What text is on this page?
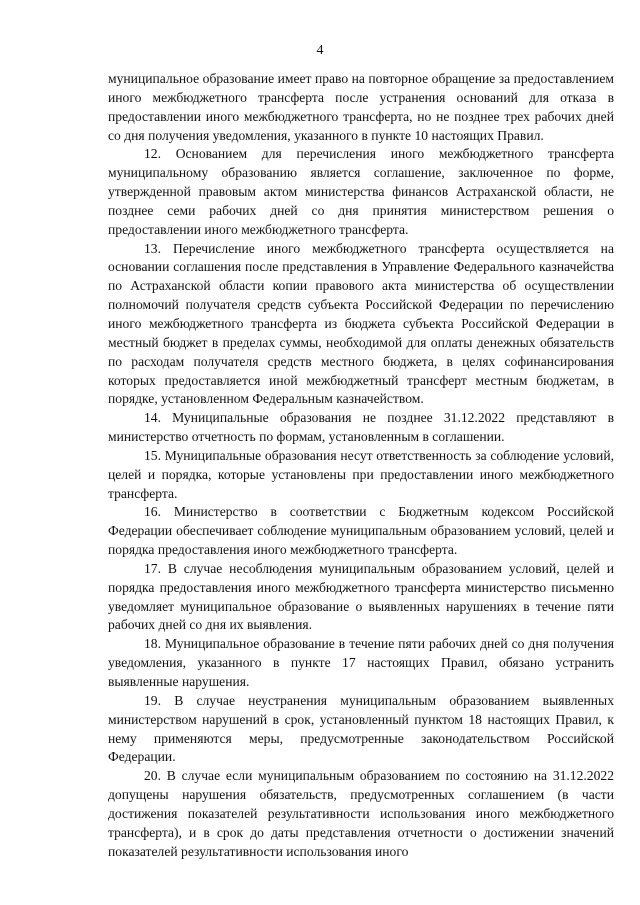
4

муниципальное образование имеет право на повторное обращение за предоставлением иного межбюджетного трансферта после устранения оснований для отказа в предоставлении иного межбюджетного трансферта, но не позднее трех рабочих дней со дня получения уведомления, указанного в пункте 10 настоящих Правил.

12. Основанием для перечисления иного межбюджетного трансферта муниципальному образованию является соглашение, заключенное по форме, утвержденной правовым актом министерства финансов Астраханской области, не позднее семи рабочих дней со дня принятия министерством решения о предоставлении иного межбюджетного трансферта.

13. Перечисление иного межбюджетного трансферта осуществляется на основании соглашения после представления в Управление Федерального казначейства по Астраханской области копии правового акта министерства об осуществлении полномочий получателя средств субъекта Российской Федерации по перечислению иного межбюджетного трансферта из бюджета субъекта Российской Федерации в местный бюджет в пределах суммы, необходимой для оплаты денежных обязательств по расходам получателя средств местного бюджета, в целях софинансирования которых предоставляется иной межбюджетный трансферт местным бюджетам, в порядке, установленном Федеральным казначейством.

14. Муниципальные образования не позднее 31.12.2022 представляют в министерство отчетность по формам, установленным в соглашении.

15. Муниципальные образования несут ответственность за соблюдение условий, целей и порядка, которые установлены при предоставлении иного межбюджетного трансферта.

16. Министерство в соответствии с Бюджетным кодексом Российской Федерации обеспечивает соблюдение муниципальным образованием условий, целей и порядка предоставления иного межбюджетного трансферта.

17. В случае несоблюдения муниципальным образованием условий, целей и порядка предоставления иного межбюджетного трансферта министерство письменно уведомляет муниципальное образование о выявленных нарушениях в течение пяти рабочих дней со дня их выявления.

18. Муниципальное образование в течение пяти рабочих дней со дня получения уведомления, указанного в пункте 17 настоящих Правил, обязано устранить выявленные нарушения.

19. В случае неустранения муниципальным образованием выявленных министерством нарушений в срок, установленный пунктом 18 настоящих Правил, к нему применяются меры, предусмотренные законодательством Российской Федерации.

20. В случае если муниципальным образованием по состоянию на 31.12.2022 допущены нарушения обязательств, предусмотренных соглашением (в части достижения показателей результативности использования иного межбюджетного трансферта), и в срок до даты представления отчетности о достижении значений показателей результативности использования иного
